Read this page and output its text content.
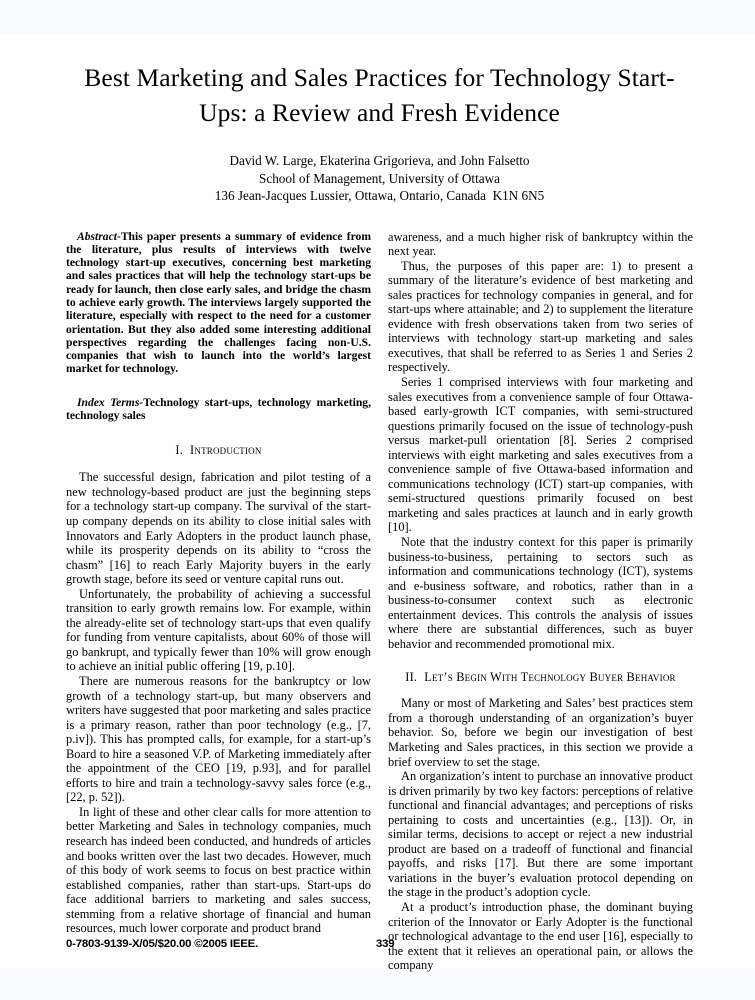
Best Marketing and Sales Practices for Technology Start-Ups: a Review and Fresh Evidence
David W. Large, Ekaterina Grigorieva, and John Falsetto
School of Management, University of Ottawa
136 Jean-Jacques Lussier, Ottawa, Ontario, Canada  K1N 6N5

Abstract-This paper presents a summary of evidence from the literature, plus results of interviews with twelve technology start-up executives, concerning best marketing and sales practices that will help the technology start-ups be ready for launch, then close early sales, and bridge the chasm to achieve early growth. The interviews largely supported the literature, especially with respect to the need for a customer orientation. But they also added some interesting additional perspectives regarding the challenges facing non-U.S. companies that wish to launch into the world’s largest market for technology.

Index Terms-Technology start-ups, technology marketing, technology sales

I. Introduction

The successful design, fabrication and pilot testing of a new technology-based product are just the beginning steps for a technology start-up company. The survival of the start-up company depends on its ability to close initial sales with Innovators and Early Adopters in the product launch phase, while its prosperity depends on its ability to “cross the chasm” [16] to reach Early Majority buyers in the early growth stage, before its seed or venture capital runs out.

Unfortunately, the probability of achieving a successful transition to early growth remains low. For example, within the already-elite set of technology start-ups that even qualify for funding from venture capitalists, about 60% of those will go bankrupt, and typically fewer than 10% will grow enough to achieve an initial public offering [19, p.10].

There are numerous reasons for the bankruptcy or low growth of a technology start-up, but many observers and writers have suggested that poor marketing and sales practice is a primary reason, rather than poor technology (e.g., [7, p.iv]). This has prompted calls, for example, for a start-up’s Board to hire a seasoned V.P. of Marketing immediately after the appointment of the CEO [19, p.93], and for parallel efforts to hire and train a technology-savvy sales force (e.g., [22, p. 52]).

In light of these and other clear calls for more attention to better Marketing and Sales in technology companies, much research has indeed been conducted, and hundreds of articles and books written over the last two decades. However, much of this body of work seems to focus on best practice within established companies, rather than start-ups. Start-ups do face additional barriers to marketing and sales success, stemming from a relative shortage of financial and human resources, much lower corporate and product brand

awareness, and a much higher risk of bankruptcy within the next year.

Thus, the purposes of this paper are: 1) to present a summary of the literature’s evidence of best marketing and sales practices for technology companies in general, and for start-ups where attainable; and 2) to supplement the literature evidence with fresh observations taken from two series of interviews with technology start-up marketing and sales executives, that shall be referred to as Series 1 and Series 2 respectively.

Series 1 comprised interviews with four marketing and sales executives from a convenience sample of four Ottawa-based early-growth ICT companies, with semi-structured questions primarily focused on the issue of technology-push versus market-pull orientation [8]. Series 2 comprised interviews with eight marketing and sales executives from a convenience sample of five Ottawa-based information and communications technology (ICT) start-up companies, with semi-structured questions primarily focused on best marketing and sales practices at launch and in early growth [10].

Note that the industry context for this paper is primarily business-to-business, pertaining to sectors such as information and communications technology (ICT), systems and e-business software, and robotics, rather than in a business-to-consumer context such as electronic entertainment devices. This controls the analysis of issues where there are substantial differences, such as buyer behavior and recommended promotional mix.

II. Let’s Begin With Technology Buyer Behavior

Many or most of Marketing and Sales’ best practices stem from a thorough understanding of an organization’s buyer behavior. So, before we begin our investigation of best Marketing and Sales practices, in this section we provide a brief overview to set the stage.

An organization’s intent to purchase an innovative product is driven primarily by two key factors: perceptions of relative functional and financial advantages; and perceptions of risks pertaining to costs and uncertainties (e.g., [13]). Or, in similar terms, decisions to accept or reject a new industrial product are based on a tradeoff of functional and financial payoffs, and risks [17]. But there are some important variations in the buyer’s evaluation protocol depending on the stage in the product’s adoption cycle.

At a product’s introduction phase, the dominant buying criterion of the Innovator or Early Adopter is the functional or technological advantage to the end user [16], especially to the extent that it relieves an operational pain, or allows the company

0-7803-9139-X/05/$20.00 ©2005 IEEE.	339
